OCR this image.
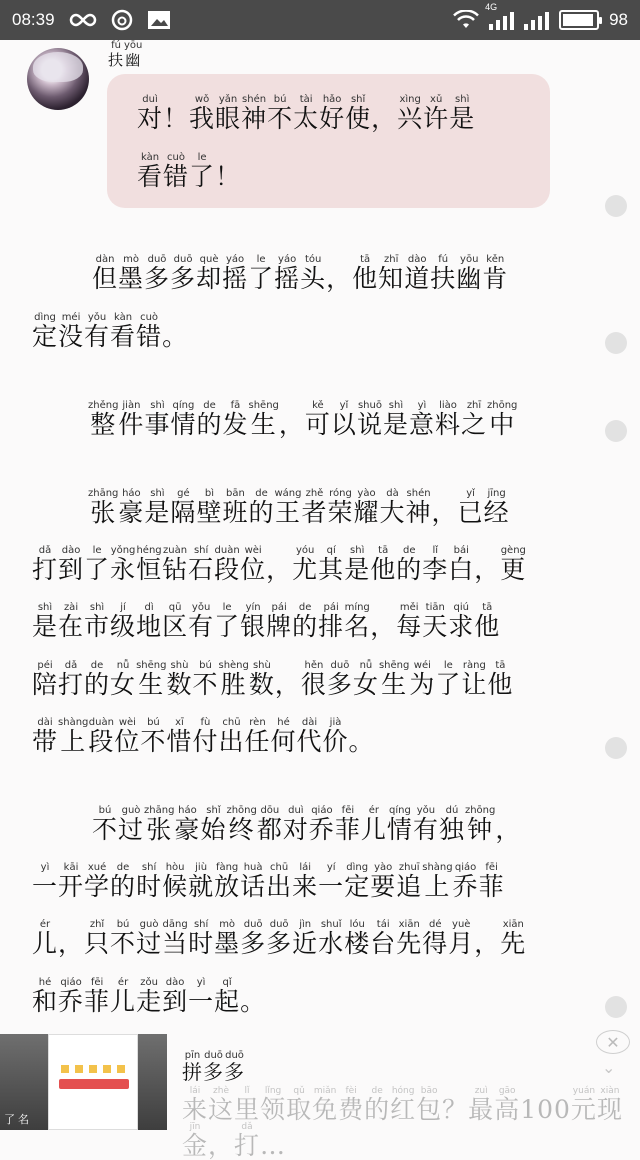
08:39
4G
98
扶fú幽yōu
对duì！我wǒ眼yǎn神shén不bú太tài好hǎo使shǐ，兴xìng许xǔ是shì
看kàn错cuò了le！
但dàn墨mò多duō多duō却què摇yáo了le摇yáo头tóu，他tā知zhī道dào扶fú幽yōu肯kěn
定dìng没méi有yǒu看kàn错cuò。
整zhěng件jiàn事shì情qíng的de发fā生shēng，可kě以yǐ说shuō是shì意yì料liào之zhī中zhōng
张zhāng豪háo是shì隔gé壁bì班bān的de王wáng者zhě荣róng耀yào大dà神shén，已yǐ经jīng
打dǎ到dào了le永yǒng恒héng钻zuàn石shí段duàn位wèi，尤yóu其qí是shì他tā的de李lǐ白bái，更gèng
是shì在zài市shì级jí地dì区qū有yǒu了le银yín牌pái的de排pái名míng，每měi天tiān求qiú他tā
陪péi打dǎ的de女nǚ生shēng数shù不bú胜shèng数shù，很hěn多duō女nǚ生shēng为wéi了le让ràng他tā
带dài上shàng段duàn位wèi不bú惜xī付fù出chū任rèn何hé代dài价jià。
不bú过guò张zhāng豪háo始shǐ终zhōng都dōu对duì乔qiáo菲fēi儿ér情qíng有yǒu独dú钟zhōng，
一yì开kāi学xué的de时shí候hòu就jiù放fàng话huà出chū来lái一yí定dìng要yào追zhuī上shàng乔qiáo菲fēi
儿ér，只zhǐ不bú过guò当dāng时shí墨mò多duō多duō近jìn水shuǐ楼lóu台tái先xiān得dé月yuè，先xiān
和hé乔qiáo菲fēi儿ér走zǒu到dào一yì起qǐ。
了 名
拼pīn多duō多duō
来lái这zhè里lǐ领lǐng取qǔ免miǎn费fèi的de红hóng包bāo？最zuì高gāo100元yuán现xiàn金jīn，打dǎ…
✕
⌄
